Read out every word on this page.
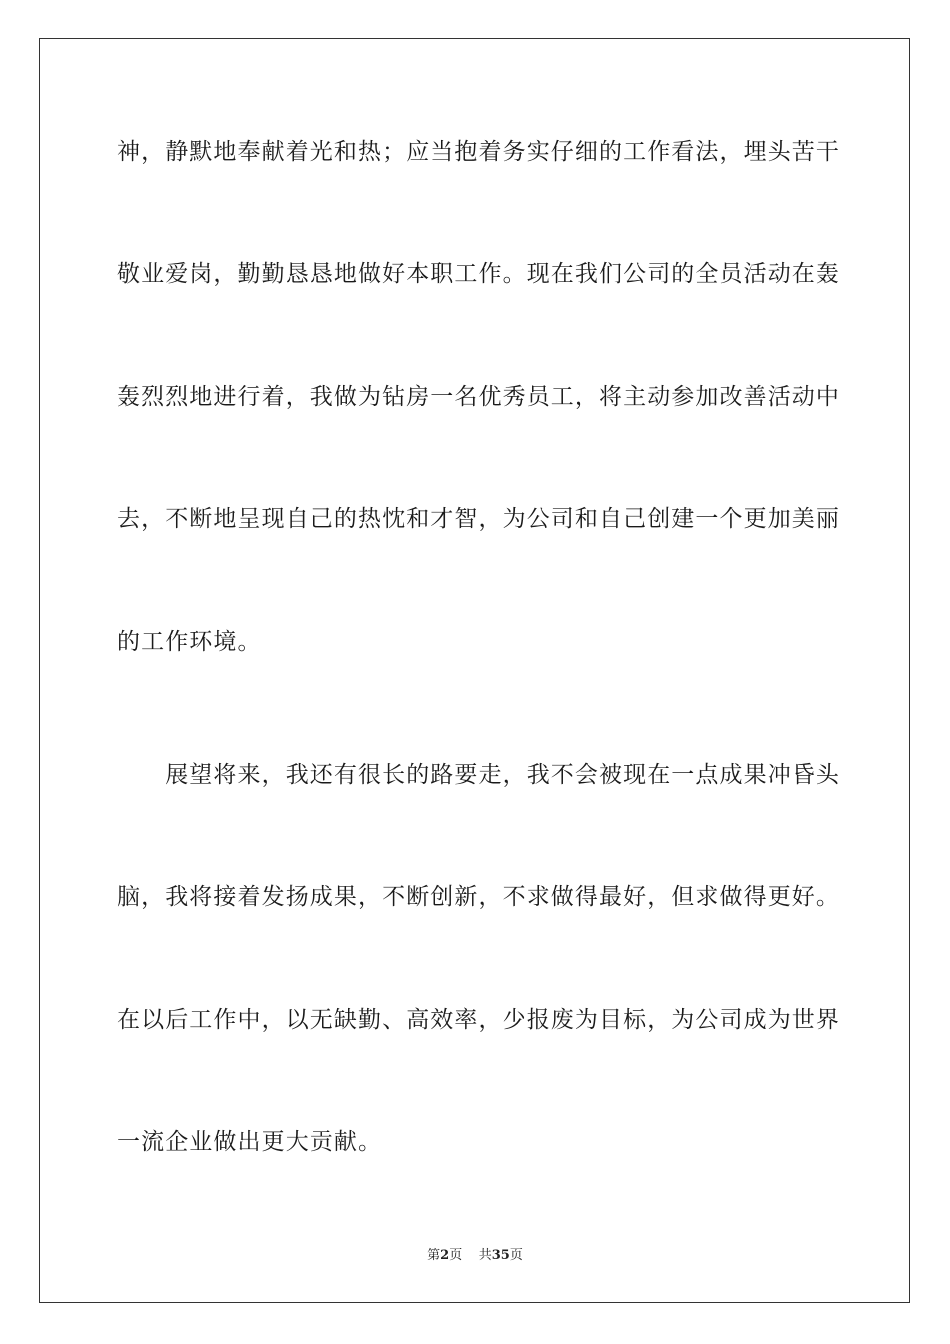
神，静默地奉献着光和热；应当抱着务实仔细的工作看法，埋头苦干
敬业爱岗，勤勤恳恳地做好本职工作。现在我们公司的全员活动在轰
轰烈烈地进行着，我做为钻房一名优秀员工，将主动参加改善活动中
去，不断地呈现自己的热忱和才智，为公司和自己创建一个更加美丽
的工作环境。
　　展望将来，我还有很长的路要走，我不会被现在一点成果冲昏头
脑，我将接着发扬成果，不断创新，不求做得最好，但求做得更好。
在以后工作中，以无缺勤、高效率，少报废为目标，为公司成为世界
一流企业做出更大贡献。
第2页 共35页
